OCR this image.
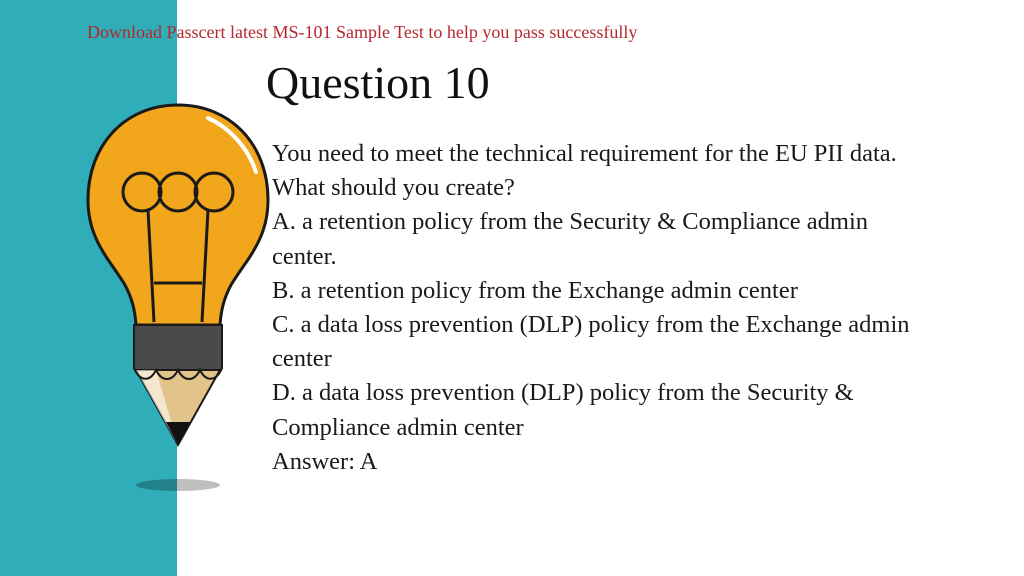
Download Passcert latest MS-101 Sample Test to help you pass successfully
Question 10
You need to meet the technical requirement for the EU PII data.
What should you create?
A. a retention policy from the Security & Compliance admin
center.
B. a retention policy from the Exchange admin center
C. a data loss prevention (DLP) policy from the Exchange admin
center
D. a data loss prevention (DLP) policy from the Security &
Compliance admin center
Answer: A
